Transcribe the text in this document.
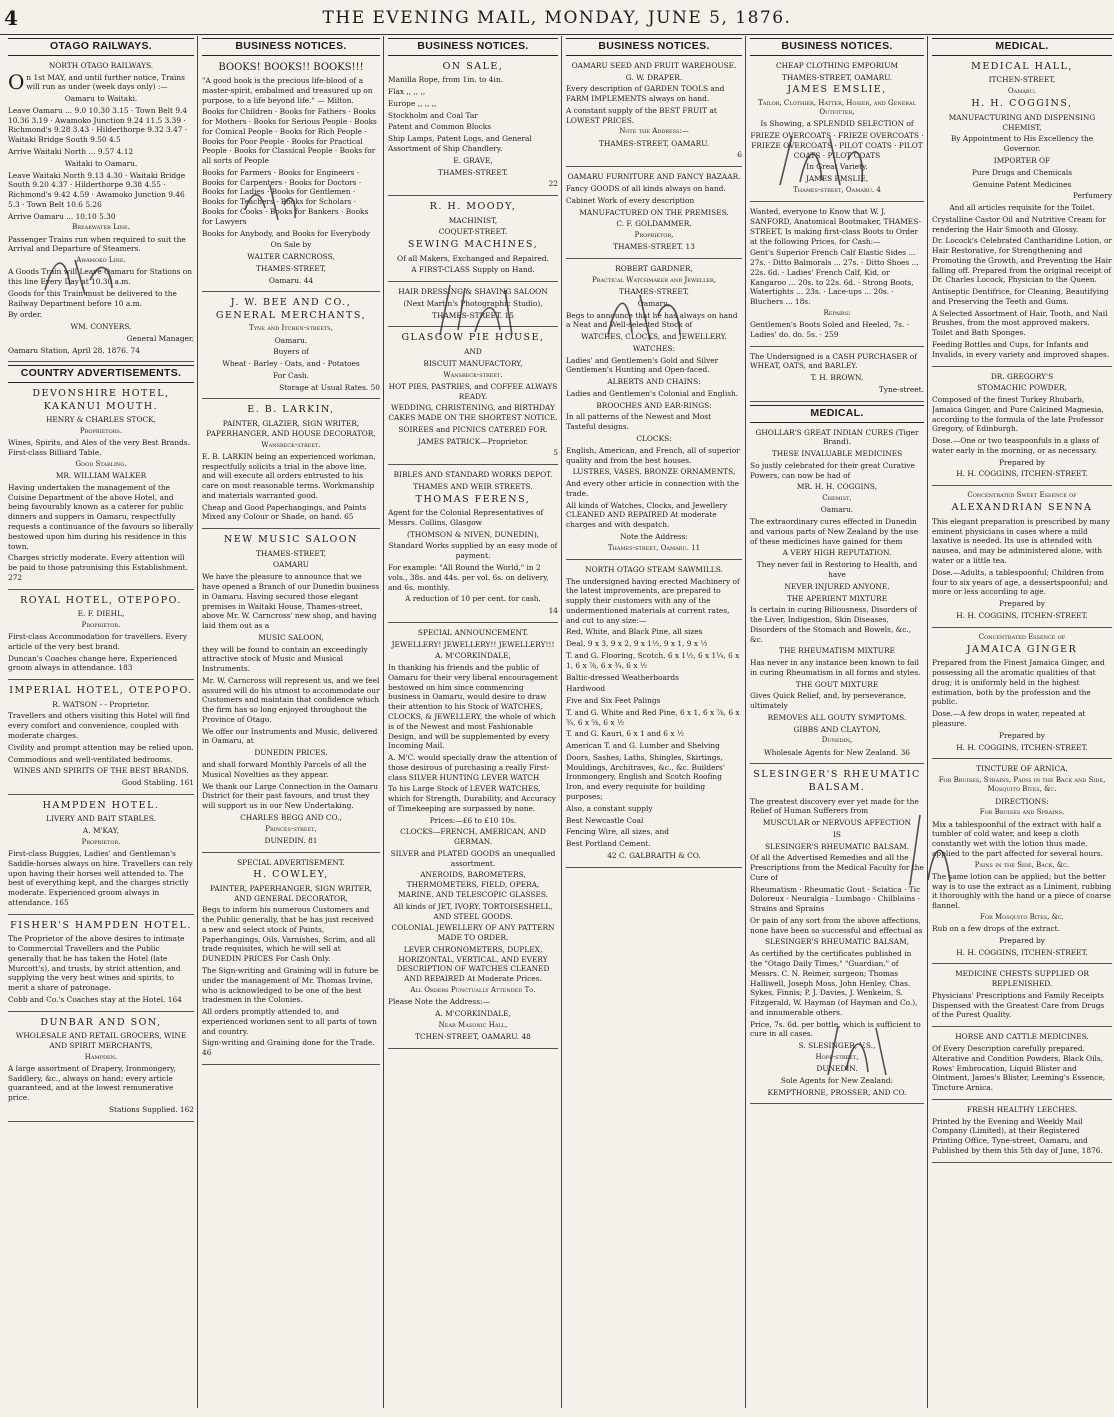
4	THE EVENING MAIL, MONDAY, JUNE 5, 1876.
OTAGO RAILWAYS.

NORTH OTAGO RAILWAYS.

On 1st MAY, and until further notice, Trains will run as under (week days only) :—

Oamaru to Waitaki.

Leave Oamaru ... 9.0 10.30 3.15 · Town Belt 9.4 10.36 3.19 · Awamoko Junction 9.24 11.5 3.39 · Richmond's 9.28 3.43 · Hilderthorpe 9.32 3.47 · Waitaki Bridge South 9.50 4.5

Arrive Waitaki North ... 9.57 4.12

Waitaki to Oamaru.

Leave Waitaki North 9.13 4.30 · Waitaki Bridge South 9.20 4.37 · Hilderthorpe 9.38 4.55 · Richmond's 9.42 4.59 · Awamoko Junction 9.46 5.3 · Town Belt 10.6 5.26

Arrive Oamaru ... 10.10 5.30

Breakwater Line.

Passenger Trains run when required to suit the Arrival and Departure of Steamers.

Awamoko Line.

A Goods Train will Leave Oamaru for Stations on this line Every Day at 10.30 a.m.

Goods for this Train must be delivered to the Railway Department before 10 a.m.

By order.

WM. CONYERS.

General Manager.

Oamaru Station, April 28, 1876. 74

COUNTRY ADVERTISEMENTS.

DEVONSHIRE HOTEL, KAKANUI MOUTH.

HENRY & CHARLES STOCK,

Proprietors.

Wines, Spirits, and Ales of the very Best Brands. First-class Billiard Table.

Good Stabling.

MR. WILLIAM WALKER

Having undertaken the management of the Cuisine Department of the above Hotel, and being favourably known as a caterer for public dinners and suppers in Oamaru, respectfully requests a continuance of the favours so liberally bestowed upon him during his residence in this town.

Charges strictly moderate. Every attention will be paid to those patronising this Establishment. 272

ROYAL HOTEL, OTEPOPO.

E. F. DIEHL,

Proprietor.

First-class Accommodation for travellers. Every article of the very best brand.

Duncan's Coaches change here. Experienced groom always in attendance. 183

IMPERIAL HOTEL, OTEPOPO.

R. WATSON - - Proprietor.

Travellers and others visiting this Hotel will find every comfort and convenience, coupled with moderate charges.

Civility and prompt attention may be relied upon.

Commodious and well-ventilated bedrooms.

WINES AND SPIRITS OF THE BEST BRANDS.

Good Stabling. 161

HAMPDEN HOTEL.

LIVERY AND BAIT STABLES.

A. M'KAY,

Proprietor.

First-class Buggies, Ladies' and Gentleman's Saddle-horses always on hire. Travellers can rely upon having their horses well attended to. The best of everything kept, and the charges strictly moderate. Experienced groom always in attendance. 165

FISHER'S HAMPDEN HOTEL.

The Proprietor of the above desires to intimate to Commercial Travellers and the Public generally that he has taken the Hotel (late Murcott's), and trusts, by strict attention, and supplying the very best wines and spirits, to merit a share of patronage.

Cobb and Co.'s Coaches stay at the Hotel. 164

DUNBAR AND SON,

WHOLESALE AND RETAIL GROCERS, WINE AND SPIRIT MERCHANTS,

Hampden.

A large assortment of Drapery, Ironmongery, Saddlery, &c., always on hand; every article guaranteed, and at the lowest remunerative price.

Stations Supplied. 162

BUSINESS NOTICES.

BOOKS! BOOKS!! BOOKS!!!

"A good book is the precious life-blood of a master-spirit, embalmed and treasured up on purpose, to a life beyond life." — Milton.

Books for Children · Books for Fathers · Books for Mothers · Books for Serious People · Books for Comical People · Books for Rich People · Books for Poor People · Books for Practical People · Books for Classical People · Books for all sorts of People

Books for Farmers · Books for Engineers · Books for Carpenters · Books for Doctors · Books for Ladies · Books for Gentlemen · Books for Teachers · Books for Scholars · Books for Cooks · Books for Bankers · Books for Lawyers

Books for Anybody, and Books for Everybody

On Sale by

WALTER CARNCROSS,

THAMES-STREET,

Oamaru. 44

J. W. BEE AND CO., GENERAL MERCHANTS,

Tyne and Itchen-streets,

Oamaru.

Buyers of

Wheat · Barley · Oats, and · Potatoes

For Cash.

Storage at Usual Rates. 50

E. B. LARKIN,

PAINTER, GLAZIER, SIGN WRITER, PAPERHANGER, AND HOUSE DECORATOR,

Wansbeck-street.

E. B. LARKIN being an experienced workman, respectfully solicits a trial in the above line, and will execute all orders entrusted to his care on most reasonable terms. Workmanship and materials warranted good.

Cheap and Good Paperhangings, and Paints Mixed any Colour or Shade, on hand. 65

NEW MUSIC SALOON

THAMES-STREET,

OAMARU

We have the pleasure to announce that we have opened a Branch of our Dunedin business in Oamaru. Having secured those elegant premises in Waitaki House, Thames-street, above Mr. W. Carncross' new shop, and having laid them out as a

MUSIC SALOON,

they will be found to contain an exceedingly attractive stock of Music and Musical Instruments.

Mr. W. Carncross will represent us, and we feel assured will do his utmost to accommodate our Customers and maintain that confidence which the firm has so long enjoyed throughout the Province of Otago.

We offer our Instruments and Music, delivered in Oamaru, at

DUNEDIN PRICES.

and shall forward Monthly Parcels of all the Musical Novelties as they appear.

We thank our Large Connection in the Oamaru District for their past favours, and trust they will support us in our New Undertaking.

CHARLES BEGG AND CO.,

Princes-street,

DUNEDIN. 81

SPECIAL ADVERTISEMENT.

H. COWLEY,

PAINTER, PAPERHANGER, SIGN WRITER, AND GENERAL DECORATOR,

Begs to inform his numerous Customers and the Public generally, that he has just received a new and select stock of Paints, Paperhangings, Oils, Varnishes, Scrim, and all trade requisites, which he will sell at DUNEDIN PRICES For Cash Only.

The Sign-writing and Graining will in future be under the management of Mr. Thomas Irvine, who is acknowledged to be one of the best tradesmen in the Colonies.

All orders promptly attended to, and experienced workmen sent to all parts of town and country.

Sign-writing and Graining done for the Trade. 46

BUSINESS NOTICES.

ON SALE,

Manilla Rope, from 1in. to 4in.

Flax ,, ,, ,,

Europe ,, ,, ,,

Stockholm and Coal Tar

Patent and Common Blocks

Ship Lamps, Patent Logs, and General Assortment of Ship Chandlery.

E. GRAVE,

THAMES-STREET.

22

R. H. MOODY,

MACHINIST,

COQUET-STREET.

SEWING MACHINES,

Of all Makers, Exchanged and Repaired.

A FIRST-CLASS Supply on Hand.

HAIR DRESSING & SHAVING SALOON

(Next Martin's Photographic Studio),

THAMES-STREET. 15

GLASGOW PIE HOUSE,

AND

BISCUIT MANUFACTORY,

Wansbeck-street.

HOT PIES, PASTRIES, and COFFEE ALWAYS READY.

WEDDING, CHRISTENING, and BIRTHDAY CAKES MADE ON THE SHORTEST NOTICE.

SOIREES and PICNICS CATERED FOR.

JAMES PATRICK—Proprietor.

5

BIBLES AND STANDARD WORKS DEPOT.

THAMES AND WEIR STREETS.

THOMAS FERENS,

Agent for the Colonial Representatives of Messrs. Collins, Glasgow

(THOMSON & NIVEN, DUNEDIN),

Standard Works supplied by an easy mode of payment.

For example: "All Round the World," in 2 vols., 38s. and 44s. per vol. 6s. on delivery, and 6s. monthly.

A reduction of 10 per cent. for cash.

14

SPECIAL ANNOUNCEMENT.

JEWELLERY! JEWELLERY!! JEWELLERY!!!

A. M'CORKINDALE,

In thanking his friends and the public of Oamaru for their very liberal encouragement bestowed on him since commencing business in Oamaru, would desire to draw their attention to his Stock of WATCHES, CLOCKS, & JEWELLERY, the whole of which is of the Newest and most Fashionable Design, and will be supplemented by every Incoming Mail.

A. M'C. would specially draw the attention of those desirous of purchasing a really First-class SILVER HUNTING LEVER WATCH

To his Large Stock of LEVER WATCHES, which for Strength, Durability, and Accuracy of Timekeeping are surpassed by none.

Prices:—£6 to £10 10s.

CLOCKS—FRENCH, AMERICAN, AND GERMAN.

SILVER and PLATED GOODS an unequalled assortment.

ANEROIDS, BAROMETERS, THERMOMETERS, FIELD, OPERA, MARINE, AND TELESCOPIC GLASSES.

All kinds of JET, IVORY, TORTOISESHELL, AND STEEL GOODS.

COLONIAL JEWELLERY OF ANY PATTERN MADE TO ORDER.

LEVER CHRONOMETERS, DUPLEX, HORIZONTAL, VERTICAL, AND EVERY DESCRIPTION OF WATCHES CLEANED AND REPAIRED At Moderate Prices.

All Orders Punctually Attended To.

Please Note the Address:—

A. M'CORKINDALE,

Near Masonic Hall,

TCHEN-STREET, OAMARU. 48

BUSINESS NOTICES.

OAMARU SEED AND FRUIT WAREHOUSE.

G. W. DRAPER.

Every description of GARDEN TOOLS and FARM IMPLEMENTS always on hand.

A constant supply of the BEST FRUIT at LOWEST PRICES.

Note the Address:—

THAMES-STREET, OAMARU.

6

OAMARU FURNITURE AND FANCY BAZAAR.

Fancy GOODS of all kinds always on hand.

Cabinet Work of every description

MANUFACTURED ON THE PREMISES.

C. F. GOLDAMMER,

Proprietor,

THAMES-STREET. 13

ROBERT GARDNER,

Practical Watchmaker and Jeweller,

THAMES-STREET,

Oamaru,

Begs to announce that he has always on hand a Neat and Well-selected Stock of

WATCHES, CLOCKS, and JEWELLERY.

WATCHES:

Ladies' and Gentlemen's Gold and Silver Gentlemen's Hunting and Open-faced.

ALBERTS AND CHAINS:

Ladies and Gentlemen's Colonial and English.

BROOCHES AND EAR-RINGS:

In all patterns of the Newest and Most Tasteful designs.

CLOCKS:

English, American, and French, all of superior quality and from the best houses.

LUSTRES, VASES, BRONZE ORNAMENTS,

And every other article in connection with the trade.

All kinds of Watches, Clocks, and Jewellery CLEANED AND REPAIRED At moderate charges and with despatch.

Note the Address:

Thames-street, Oamaru. 11

NORTH OTAGO STEAM SAWMILLS.

The undersigned having erected Machinery of the latest improvements, are prepared to supply their customers with any of the undermentioned materials at current rates, and cut to any size:—

Red, White, and Black Pine, all sizes

Deal, 9 x 3, 9 x 2, 9 x 1½, 9 x 1, 9 x ½

T. and G. Flooring, Scotch, 6 x 1½, 6 x 1¼, 6 x 1, 6 x ⅞, 6 x ¾, 6 x ½

Baltic-dressed Weatherboards

Hardwood

Five and Six Feet Palings

T. and G. White and Red Pine, 6 x 1, 6 x ⅞, 6 x ¾, 6 x ⅝, 6 x ½

T. and G. Kauri, 6 x 1 and 6 x ½

American T. and G. Lumber and Shelving

Doors, Sashes, Laths, Shingles, Skirtings, Mouldings, Architraves, &c., &c. Builders' Ironmongery, English and Scotch Roofing Iron, and every requisite for building purposes;

Also, a constant supply

Best Newcastle Coal

Fencing Wire, all sizes, and

Best Portland Cement.

42 C. GALBRAITH & CO.

BUSINESS NOTICES.

CHEAP CLOTHING EMPORIUM

THAMES-STREET, OAMARU.

JAMES EMSLIE,

Tailor, Clothier, Hatter, Hosier, and General Outfitter,

Is Showing, a SPLENDID SELECTION of

FRIEZE OVERCOATS · FRIEZE OVERCOATS · FRIEZE OVERCOATS · PILOT COATS · PILOT COATS · PILOT COATS

In Great Variety.

JAMES EMSLIE,

Thames-street, Oamaru. 4

Wanted, everyone to Know that W. J. SANFORD, Anatomical Bootmaker, THAMES-STREET, Is making first-class Boots to Order at the following Prices, for Cash:—

Gent's Superior French Calf Elastic Sides ... 27s. · Ditto Balmorals ... 27s. · Ditto Shoes ... 22s. 6d. · Ladies' French Calf, Kid, or Kangaroo ... 20s. to 22s. 6d. · Strong Boots, Watertights ... 23s. · Lace-ups ... 20s. · Bluchers ... 18s.

Repairs:

Gentlemen's Boots Soled and Heeled, 7s. · Ladies' do. do. 5s. · 259

The Undersigned is a CASH PURCHASER of WHEAT, OATS, and BARLEY.

T. H. BROWN,

Tyne-street.

MEDICAL.

GHOLLAR'S GREAT INDIAN CURES (Tiger Brand).

THESE INVALUABLE MEDICINES

So justly celebrated for their great Curative Powers, can now be had of

MR. H. H. COGGINS,

Chemist,

Oamaru.

The extraordinary cures effected in Dunedin and various parts of New Zealand by the use of these medicines have gained for them

A VERY HIGH REPUTATION.

They never fail in Restoring to Health, and have

NEVER INJURED ANYONE.

THE APERIENT MIXTURE

Is certain in curing Biliousness, Disorders of the Liver, Indigestion, Skin Diseases, Disorders of the Stomach and Bowels, &c., &c.

THE RHEUMATISM MIXTURE

Has never in any instance been known to fail in curing Rheumatism in all forms and styles.

THE GOUT MIXTURE

Gives Quick Relief, and, by perseverance, ultimately

REMOVES ALL GOUTY SYMPTOMS.

GIBBS AND CLAYTON,

Dunedin,

Wholesale Agents for New Zealand. 36

SLESINGER'S RHEUMATIC BALSAM.

The greatest discovery ever yet made for the Relief of Human Sufferers from

MUSCULAR or NERVOUS AFFECTION

IS

SLESINGER'S RHEUMATIC BALSAM.

Of all the Advertised Remedies and all the Prescriptions from the Medical Faculty for the Cure of

Rheumatism · Rheumatic Gout · Sciatica · Tic Doloreux · Neuralgia · Lumbago · Chilblains · Strains and Sprains

Or pain of any sort from the above affections, none have been so successful and effectual as

SLESINGER'S RHEUMATIC BALSAM,

As certified by the certificates published in the "Otago Daily Times," "Guardian," of Messrs. C. N. Reimer, surgeon; Thomas Halliwell, Joseph Moss, John Henley, Chas. Sykes, Finnis; P. J. Davies, J. Wenkeim, S. Fitzgerald, W. Hayman (of Hayman and Co.), and innumerable others.

Price, 7s. 6d. per bottle, which is sufficient to cure in all cases.

S. SLESINGER, V.S.,

Hope-street,

DUNEDIN.

Sole Agents for New Zealand:

KEMPTHORNE, PROSSER, AND CO.

MEDICAL.

MEDICAL HALL,

ITCHEN-STREET,

Oamaru.

H. H. COGGINS,

MANUFACTURING AND DISPENSING CHEMIST,

By Appointment to His Excellency the Governor.

IMPORTER OF

Pure Drugs and Chemicals

Genuine Patent Medicines

Perfumery

And all articles requisite for the Toilet.

Crystalline Castor Oil and Nutritive Cream for rendering the Hair Smooth and Glossy.

Dr. Locock's Celebrated Cantharidine Lotion, or Hair Restorative, for Strengthening and Promoting the Growth, and Preventing the Hair falling off. Prepared from the original receipt of Dr. Charles Locock, Physician to the Queen.

Antiseptic Dentifrice, for Cleaning, Beautifying and Preserving the Teeth and Gums.

A Selected Assortment of Hair, Tooth, and Nail Brushes, from the most approved makers. Toilet and Bath Sponges.

Feeding Bottles and Cups, for Infants and Invalids, in every variety and improved shapes.

DR. GREGORY'S

STOMACHIC POWDER,

Composed of the finest Turkey Rhubarb, Jamaica Ginger, and Pure Calcined Magnesia, according to the formula of the late Professor Gregory, of Edinburgh.

Dose.—One or two teaspoonfuls in a glass of water early in the morning, or as necessary.

Prepared by

H. H. COGGINS, ITCHEN-STREET.

Concentrated Sweet Essence of

ALEXANDRIAN SENNA

This elegant preparation is prescribed by many eminent physicians in cases where a mild laxative is needed. Its use is attended with nausea, and may be administered alone, with water or a little tea.

Dose.—Adults, a tablespoonful; Children from four to six years of age, a dessertspoonful; and more or less according to age.

Prepared by

H. H. COGGINS, ITCHEN-STREET.

Concentrated Essence of

JAMAICA GINGER

Prepared from the Finest Jamaica Ginger, and possessing all the aromatic qualities of that drug; it is uniformly held in the highest estimation, both by the profession and the public.

Dose.—A few drops in water, repeated at pleasure.

Prepared by

H. H. COGGINS, ITCHEN-STREET.

TINCTURE OF ARNICA,

For Bruises, Strains, Pains in the Back and Side, Mosquito Bites, &c.

DIRECTIONS:

For Bruises and Sprains.

Mix a tablespoonful of the extract with half a tumbler of cold water, and keep a cloth constantly wet with the lotion thus made, applied to the part affected for several hours.

Pains in the Side, Back, &c.

The same lotion can be applied; but the better way is to use the extract as a Liniment, rubbing it thoroughly with the hand or a piece of coarse flannel.

For Mosquito Bites, &c.

Rub on a few drops of the extract.

Prepared by

H. H. COGGINS, ITCHEN-STREET.

MEDICINE CHESTS SUPPLIED OR REPLENISHED.

Physicians' Prescriptions and Family Receipts Dispensed with the Greatest Care from Drugs of the Purest Quality.

HORSE AND CATTLE MEDICINES.

Of Every Description carefully prepared. Alterative and Condition Powders, Black Oils, Rows' Embrocation, Liquid Blister and Ointment, James's Blister, Leeming's Essence, Tincture Arnica.

FRESH HEALTHY LEECHES.

Printed by the Evening and Weekly Mail Company (Limited), at their Registered Printing Office, Tyne-street, Oamaru, and Published by them this 5th day of June, 1876.
